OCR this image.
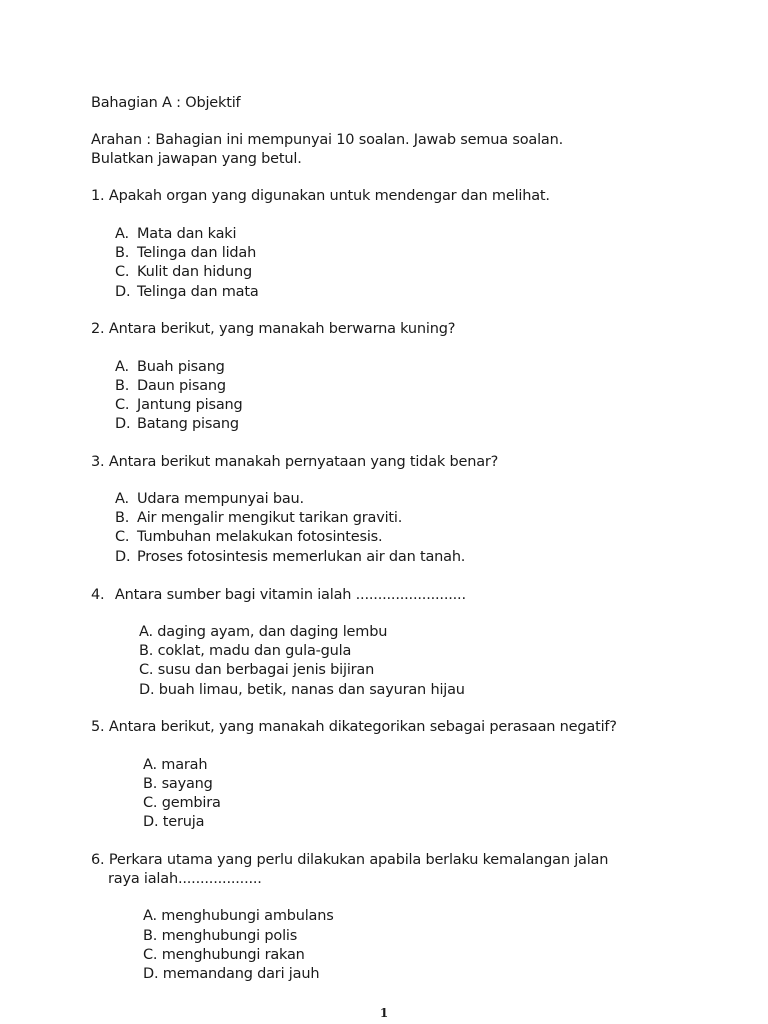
Bahagian A : Objektif
Arahan : Bahagian ini mempunyai 10 soalan. Jawab semua soalan.
Bulatkan jawapan yang betul.
1. Apakah organ yang digunakan untuk mendengar dan melihat.
A. Mata dan kaki
B. Telinga dan lidah
C. Kulit dan hidung
D. Telinga dan mata
2. Antara berikut, yang manakah berwarna kuning?
A. Buah pisang
B. Daun pisang
C. Jantung pisang
D. Batang pisang
3. Antara berikut manakah pernyataan yang tidak benar?
A. Udara mempunyai bau.
B. Air mengalir mengikut tarikan graviti.
C. Tumbuhan melakukan fotosintesis.
D. Proses fotosintesis memerlukan air dan tanah.
4. Antara sumber bagi vitamin ialah .........................
A. daging ayam, dan daging lembu
B. coklat, madu dan gula-gula
C. susu dan berbagai jenis bijiran
D. buah limau, betik, nanas dan sayuran hijau
5. Antara berikut, yang manakah dikategorikan sebagai perasaan negatif?
A. marah
B. sayang
C. gembira
D. teruja
6. Perkara utama yang perlu dilakukan apabila berlaku kemalangan jalan
raya ialah...................
A. menghubungi ambulans
B. menghubungi polis
C. menghubungi rakan
D. memandang dari jauh
1
